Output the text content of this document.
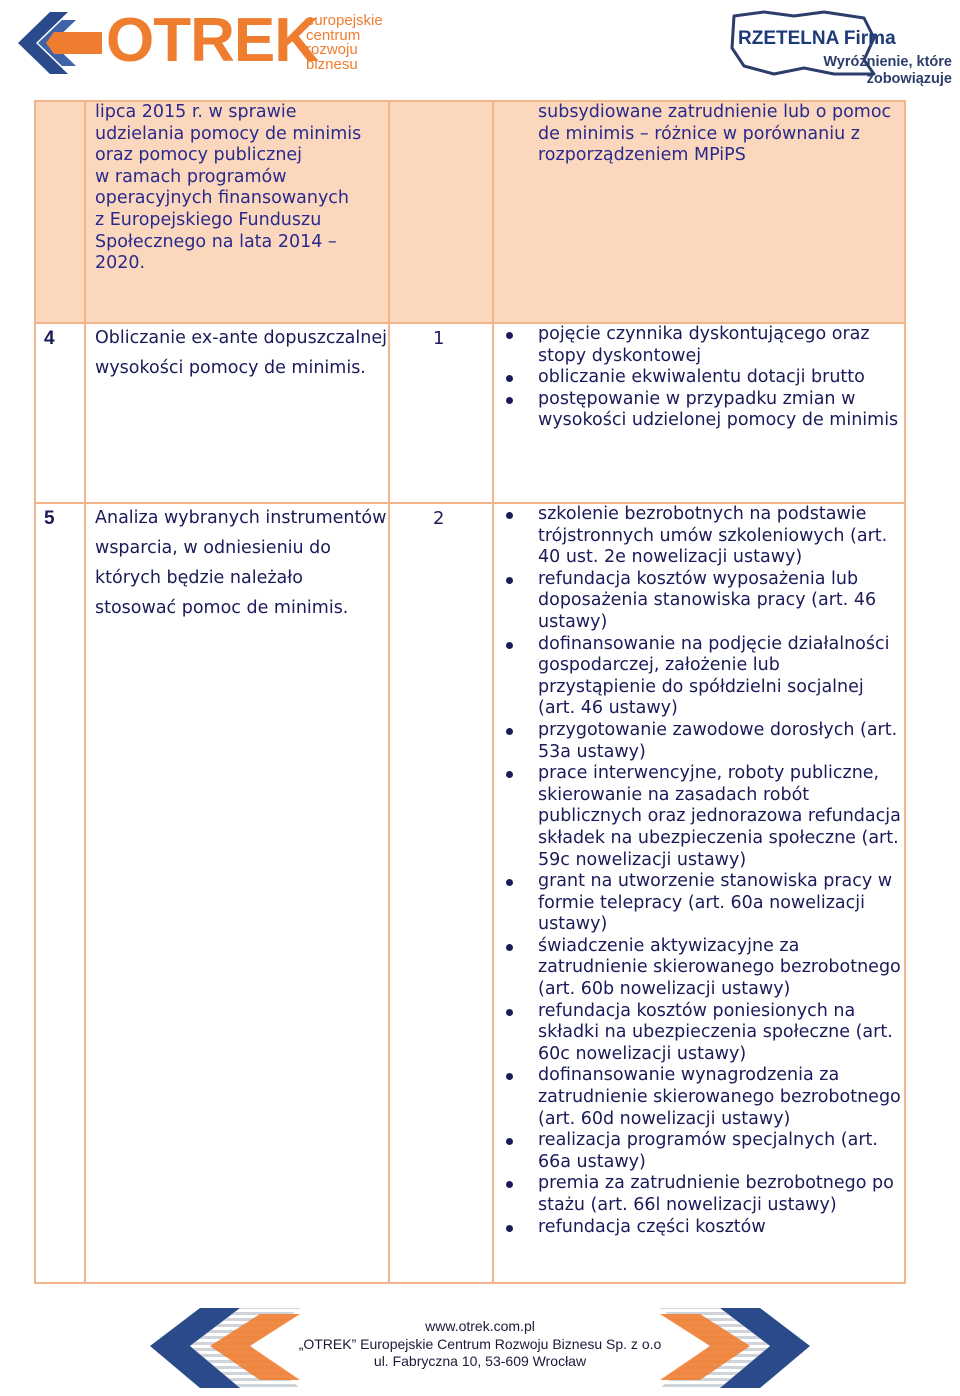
OTREK
europejskie
centrum
rozwoju
biznesu
RZETELNA Firma
Wyróżnienie, które
zobowiązuje
lipca 2015 r. w sprawie
udzielania pomocy de minimis
oraz pomocy publicznej
w ramach programów
operacyjnych finansowanych
z Europejskiego Funduszu
Społecznego na lata 2014 –
2020.
subsydiowane zatrudnienie lub o pomoc
de minimis – różnice w porównaniu z
rozporządzeniem MPiPS
4 Obliczanie ex-ante dopuszczalnej wysokości pomocy de minimis.
1	pojęcie czynnika dyskontującego oraz stopy dyskontowej
obliczanie ekwiwalentu dotacji brutto
postępowanie w przypadku zmian w wysokości udzielonej pomocy de minimis
5 Analiza wybranych instrumentów wsparcia, w odniesieniu do których będzie należało stosować pomoc de minimis.
2	szkolenie bezrobotnych na podstawie trójstronnych umów szkoleniowych (art. 40 ust. 2e nowelizacji ustawy)
refundacja kosztów wyposażenia lub doposażenia stanowiska pracy (art. 46 ustawy)
dofinansowanie na podjęcie działalności gospodarczej, założenie lub przystąpienie do spółdzielni socjalnej (art. 46 ustawy)
przygotowanie zawodowe dorosłych (art. 53a ustawy)
prace interwencyjne, roboty publiczne, skierowanie na zasadach robót publicznych oraz jednorazowa refundacja składek na ubezpieczenia społeczne (art. 59c nowelizacji ustawy)
grant na utworzenie stanowiska pracy w formie telepracy (art. 60a nowelizacji ustawy)
świadczenie aktywizacyjne za zatrudnienie skierowanego bezrobotnego (art. 60b nowelizacji ustawy)
refundacja kosztów poniesionych na składki na ubezpieczenia społeczne (art. 60c nowelizacji ustawy)
dofinansowanie wynagrodzenia za zatrudnienie skierowanego bezrobotnego (art. 60d nowelizacji ustawy)
realizacja programów specjalnych (art. 66a ustawy)
premia za zatrudnienie bezrobotnego po stażu (art. 66l nowelizacji ustawy)
refundacja części kosztów
www.otrek.com.pl
„OTREK” Europejskie Centrum Rozwoju Biznesu Sp. z o.o
ul. Fabryczna 10, 53-609 Wrocław
